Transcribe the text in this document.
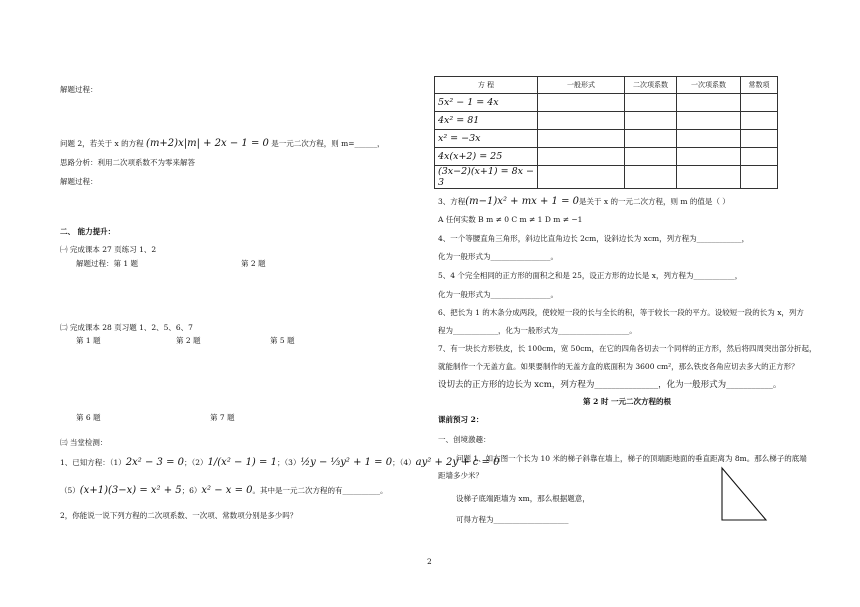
解题过程：
问题 2，若关于 x 的方程 (m+2)x|m| + 2x − 1 = 0 是一元二次方程，则 m=______，
思路分析：利用二次项系数不为零来解答
解题过程：
二、 能力提升：
㈠ 完成课本 27 页练习 1、2
解题过程：第 1 题	第 2 题
㈡ 完成课本 28 页习题 1、2、5、6、7
第 1 题	第 2 题	第 5 题
第 6 题	第 7 题
㈢ 当堂检测：
1、已知方程：（1）2x² − 3 = 0；（2）1/(x² − 1) = 1；（3）½y − ⅓y² + 1 = 0；（4）ay² + 2y + c = 0
（5）(x+1)(3−x) = x² + 5；6）x² − x = 0。其中是一元二次方程的有__________。
2，你能说一说下列方程的二次项系数、一次项、常数项分别是多少吗？
方 程	一般形式	二次项系数	一次项系数	常数项
5x² − 1 = 4x				
4x² = 81				
x² = −3x				
4x(x+2) = 25				
(3x−2)(x+1) = 8x − 3				
3、方程(m−1)x² + mx + 1 = 0是关于 x 的一元二次方程，则 m 的值是（ ）
A 任何实数 B m ≠ 0 C m ≠ 1 D m ≠ −1
4、一个等腰直角三角形，斜边比直角边长 2cm，设斜边长为 xcm，列方程为____________，
化为一般形式为________________。
5、4 个完全相同的正方形的面积之和是 25，设正方形的边长是 x，列方程为___________，
化为一般形式为________________。
6、把长为 1 的木条分成两段，使较短一段的长与全长的积，等于较长一段的平方。设较短一段的长为 x，列方
程为____________，化为一般形式为___________________。
7、有一块长方形铁皮，长 100cm，宽 50cm，在它的四角各切去一个同样的正方形，然后将四周突出部分折起，
就能制作一个无盖方盒。如果要制作的无盖方盒的底面积为 3600 cm²，那么铁皮各角应切去多大的正方形？
设切去的正方形的边长为 xcm，列方程为_______________，化为一般形式为___________。
第 2 时 一元二次方程的根
课前预习 2：
一、创境激趣：
问题 1、如右图一个长为 10 米的梯子斜靠在墙上，梯子的顶端距地面的垂直距离为 8m。那么梯子的底端
距墙多少米？
设梯子底端距墙为 xm，那么根据题意，
可得方程为____________________
2
